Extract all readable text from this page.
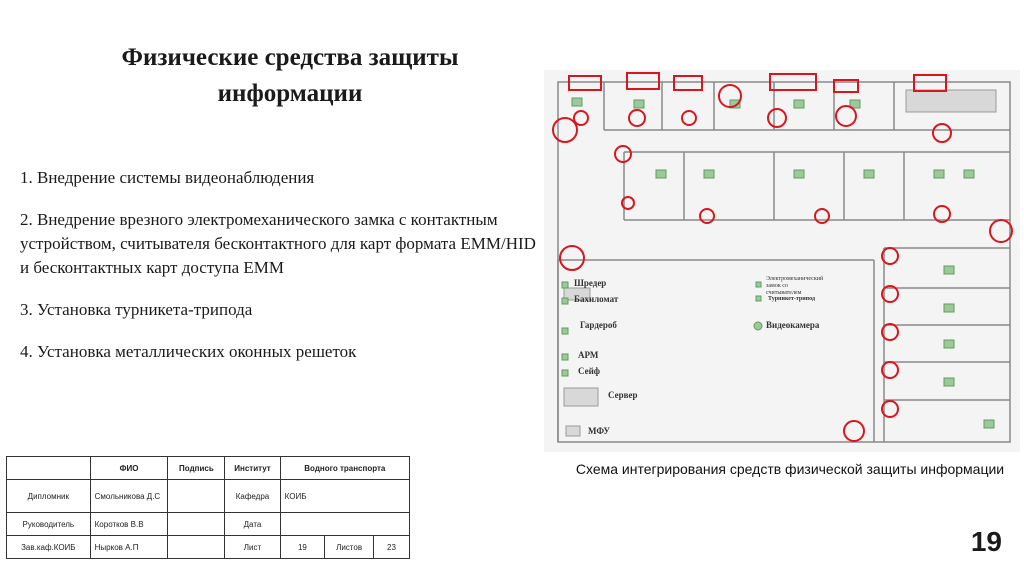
Физические средства защиты
информации

1. Внедрение системы видеонаблюдения

2. Внедрение врезного электромеханического замка с контактным устройством, считывателя бесконтактного для карт формата EMM/HID и бесконтактных карт доступа EMM

3. Установка турникета-трипода

4. Установка металлических оконных решеток

Шредер
Бахиломат
Гардероб
АРМ
Сейф
Сервер
МФУ
Турникет-трипод
Видеокамера
Электромеханический замок со считывателем
Схема интегрирования средств физической защиты информации
	ФИО	Подпись	Институт	Водного транспорта		
Дипломник	Смольникова Д.С		Кафедра	КОИБ		
Руководитель	Коротков В.В		Дата			
Зав.каф.КОИБ	Нырков А.П		Лист	19	Листов	23	19
